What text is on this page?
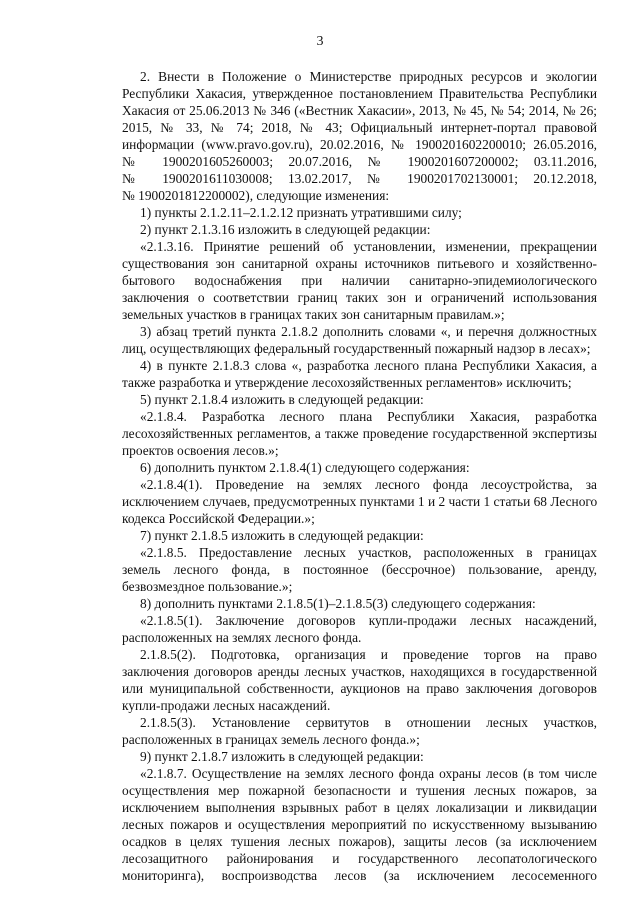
3
2. Внести в Положение о Министерстве природных ресурсов и экологии
Республики Хакасия, утвержденное постановлением Правительства Республики
Хакасия от 25.06.2013 № 346 («Вестник Хакасии», 2013, № 45, № 54; 2014, № 26;
2015, № 33, № 74; 2018, № 43; Официальный интернет-портал правовой
информации (www.pravo.gov.ru), 20.02.2016, № 1900201602200010; 26.05.2016,
№ 1900201605260003; 20.07.2016, № 1900201607200002; 03.11.2016,
№ 1900201611030008; 13.02.2017, № 1900201702130001; 20.12.2018,
№ 1900201812200002), следующие изменения:
1) пункты 2.1.2.11–2.1.2.12 признать утратившими силу;
2) пункт 2.1.3.16 изложить в следующей редакции:
«2.1.3.16. Принятие решений об установлении, изменении, прекращении
существования зон санитарной охраны источников питьевого и хозяйственно-
бытового водоснабжения при наличии санитарно-эпидемиологического
заключения о соответствии границ таких зон и ограничений использования
земельных участков в границах таких зон санитарным правилам.»;
3) абзац третий пункта 2.1.8.2 дополнить словами «, и перечня должностных
лиц, осуществляющих федеральный государственный пожарный надзор в лесах»;
4) в пункте 2.1.8.3 слова «, разработка лесного плана Республики Хакасия, а
также разработка и утверждение лесохозяйственных регламентов» исключить;
5) пункт 2.1.8.4 изложить в следующей редакции:
«2.1.8.4. Разработка лесного плана Республики Хакасия, разработка
лесохозяйственных регламентов, а также проведение государственной экспертизы
проектов освоения лесов.»;
6) дополнить пунктом 2.1.8.4(1) следующего содержания:
«2.1.8.4(1). Проведение на землях лесного фонда лесоустройства, за
исключением случаев, предусмотренных пунктами 1 и 2 части 1 статьи 68 Лесного
кодекса Российской Федерации.»;
7) пункт 2.1.8.5 изложить в следующей редакции:
«2.1.8.5. Предоставление лесных участков, расположенных в границах
земель лесного фонда, в постоянное (бессрочное) пользование, аренду,
безвозмездное пользование.»;
8) дополнить пунктами 2.1.8.5(1)–2.1.8.5(3) следующего содержания:
«2.1.8.5(1). Заключение договоров купли-продажи лесных насаждений,
расположенных на землях лесного фонда.
2.1.8.5(2). Подготовка, организация и проведение торгов на право
заключения договоров аренды лесных участков, находящихся в государственной
или муниципальной собственности, аукционов на право заключения договоров
купли-продажи лесных насаждений.
2.1.8.5(3). Установление сервитутов в отношении лесных участков,
расположенных в границах земель лесного фонда.»;
9) пункт 2.1.8.7 изложить в следующей редакции:
«2.1.8.7. Осуществление на землях лесного фонда охраны лесов (в том числе
осуществления мер пожарной безопасности и тушения лесных пожаров, за
исключением выполнения взрывных работ в целях локализации и ликвидации
лесных пожаров и осуществления мероприятий по искусственному вызыванию
осадков в целях тушения лесных пожаров), защиты лесов (за исключением
лесозащитного районирования и государственного лесопатологического
мониторинга), воспроизводства лесов (за исключением лесосеменного
